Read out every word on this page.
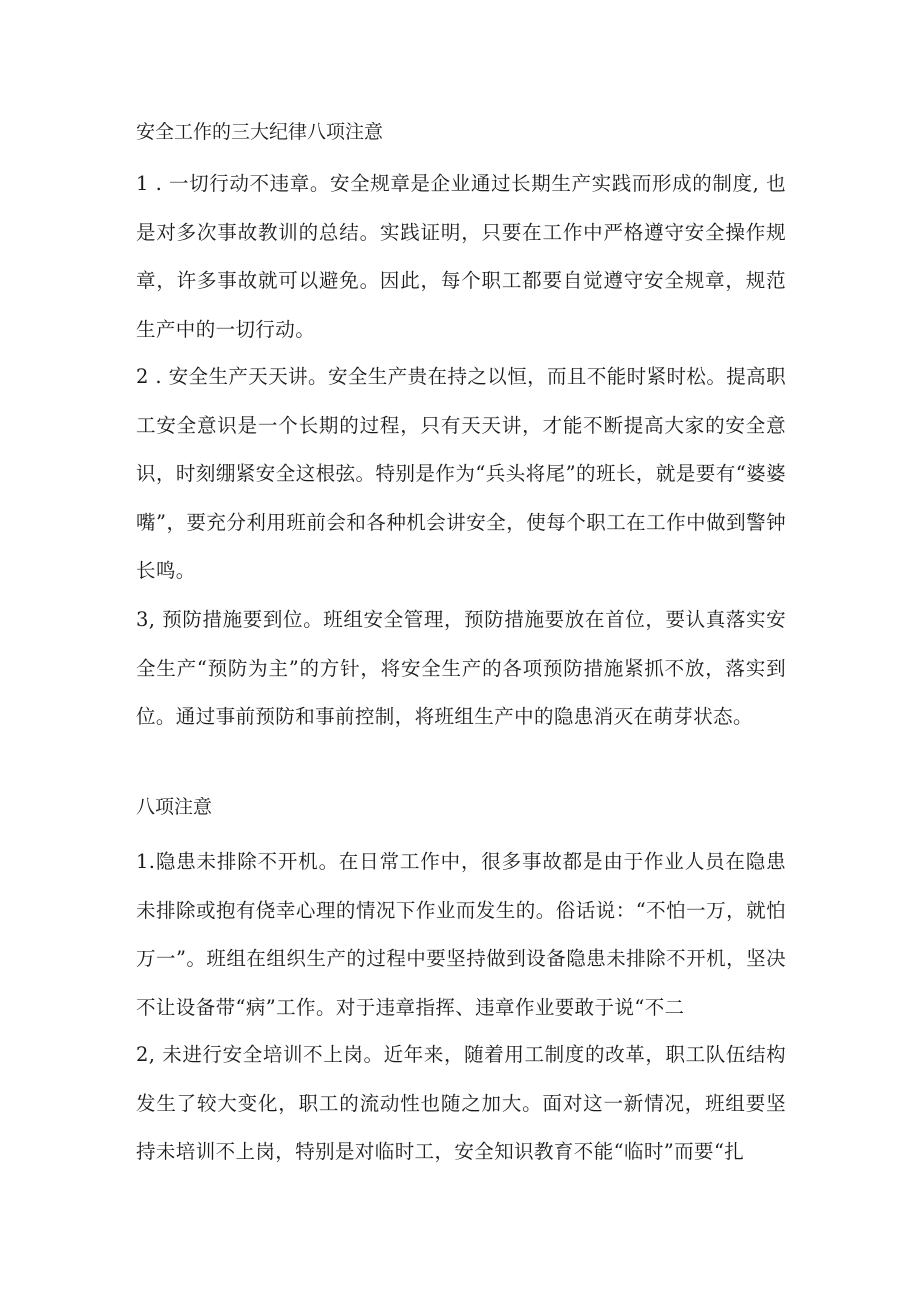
安全工作的三大纪律八项注意

1 . 一切行动不违章。安全规章是企业通过长期生产实践而形成的制度, 也是对多次事故教训的总结。实践证明，只要在工作中严格遵守安全操作规章，许多事故就可以避免。因此，每个职工都要自觉遵守安全规章，规范生产中的一切行动。

2 . 安全生产天天讲。安全生产贵在持之以恒，而且不能时紧时松。提高职工安全意识是一个长期的过程，只有天天讲，才能不断提高大家的安全意识，时刻绷紧安全这根弦。特别是作为“兵头将尾”的班长，就是要有“婆婆嘴”，要充分利用班前会和各种机会讲安全，使每个职工在工作中做到警钟长鸣。

3, 预防措施要到位。班组安全管理，预防措施要放在首位，要认真落实安全生产“预防为主”的方针，将安全生产的各项预防措施紧抓不放，落实到位。通过事前预防和事前控制，将班组生产中的隐患消灭在萌芽状态。

八项注意

1.隐患未排除不开机。在日常工作中，很多事故都是由于作业人员在隐患未排除或抱有侥幸心理的情况下作业而发生的。俗话说：“不怕一万，就怕万一”。班组在组织生产的过程中要坚持做到设备隐患未排除不开机，坚决不让设备带“病”工作。对于违章指挥、违章作业要敢于说“不二

2, 未进行安全培训不上岗。近年来，随着用工制度的改革，职工队伍结构发生了较大变化，职工的流动性也随之加大。面对这一新情况，班组要坚持未培训不上岗，特别是对临时工，安全知识教育不能“临时”而要“扎
